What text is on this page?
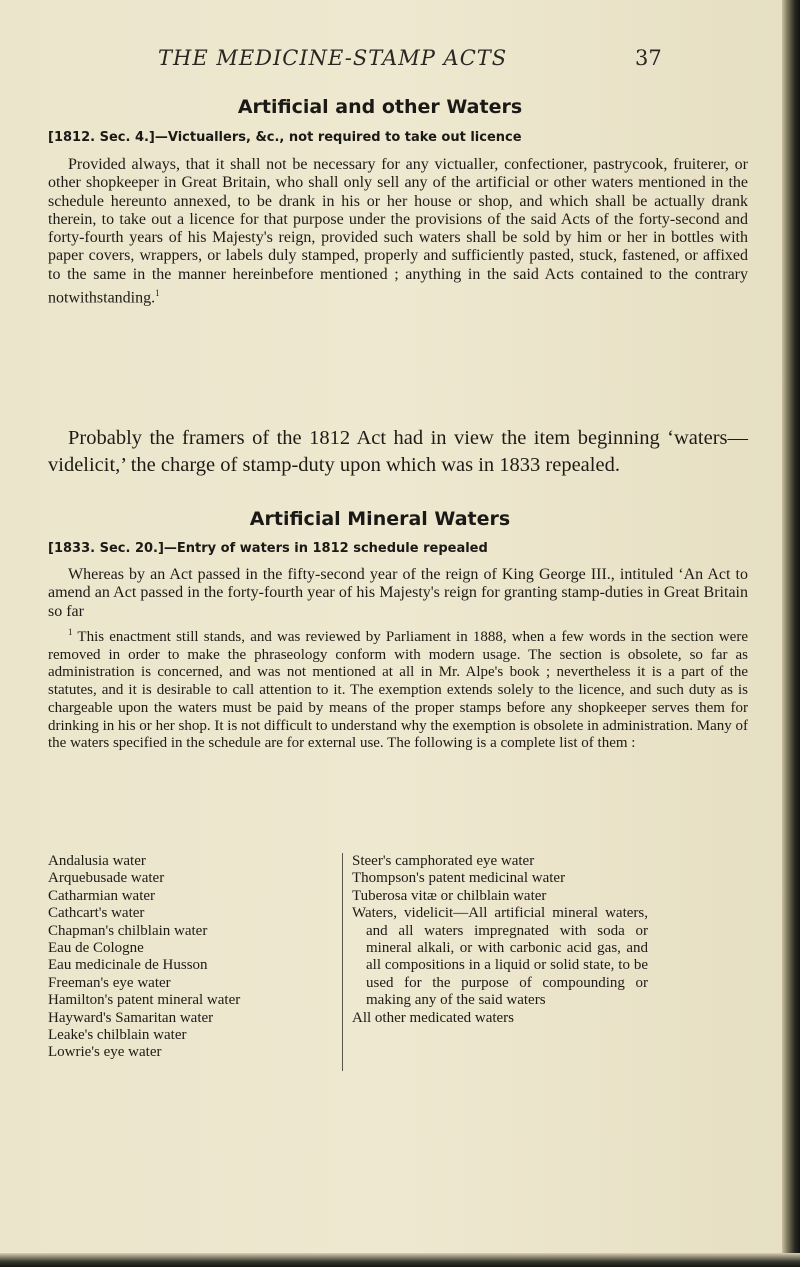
THE MEDICINE-STAMP ACTS	37
Artificial and other Waters
[1812. Sec. 4.]—Victuallers, &c., not required to take out licence
Provided always, that it shall not be necessary for any victualler, confectioner, pastrycook, fruiterer, or other shopkeeper in Great Britain, who shall only sell any of the artificial or other waters mentioned in the schedule hereunto annexed, to be drank in his or her house or shop, and which shall be actually drank therein, to take out a licence for that purpose under the provisions of the said Acts of the forty-second and forty-fourth years of his Majesty's reign, provided such waters shall be sold by him or her in bottles with paper covers, wrappers, or labels duly stamped, properly and sufficiently pasted, stuck, fastened, or affixed to the same in the manner hereinbefore mentioned ; anything in the said Acts contained to the contrary notwithstanding.$^1$
Probably the framers of the 1812 Act had in view the item beginning ‘waters—videlicit,’ the charge of stamp-duty upon which was in 1833 repealed.
Artificial Mineral Waters
[1833. Sec. 20.]—Entry of waters in 1812 schedule repealed
Whereas by an Act passed in the fifty-second year of the reign of King George III., intituled ‘An Act to amend an Act passed in the forty-fourth year of his Majesty's reign for granting stamp-duties in Great Britain so far
$^1$ This enactment still stands, and was reviewed by Parliament in 1888, when a few words in the section were removed in order to make the phraseology conform with modern usage. The section is obsolete, so far as administration is concerned, and was not mentioned at all in Mr. Alpe's book ; nevertheless it is a part of the statutes, and it is desirable to call attention to it. The exemption extends solely to the licence, and such duty as is chargeable upon the waters must be paid by means of the proper stamps before any shopkeeper serves them for drinking in his or her shop. It is not difficult to understand why the exemption is obsolete in administration. Many of the waters specified in the schedule are for external use. The following is a complete list of them :
Andalusia water
Arquebusade water
Catharmian water
Cathcart's water
Chapman's chilblain water
Eau de Cologne
Eau medicinale de Husson
Freeman's eye water
Hamilton's patent mineral water
Hayward's Samaritan water
Leake's chilblain water
Lowrie's eye water
Steer's camphorated eye water
Thompson's patent medicinal water
Tuberosa vitæ or chilblain water
Waters, videlicit—All artificial mineral waters, and all waters impregnated with soda or mineral alkali, or with carbonic acid gas, and all compositions in a liquid or solid state, to be used for the purpose of compounding or making any of the said waters
All other medicated waters
